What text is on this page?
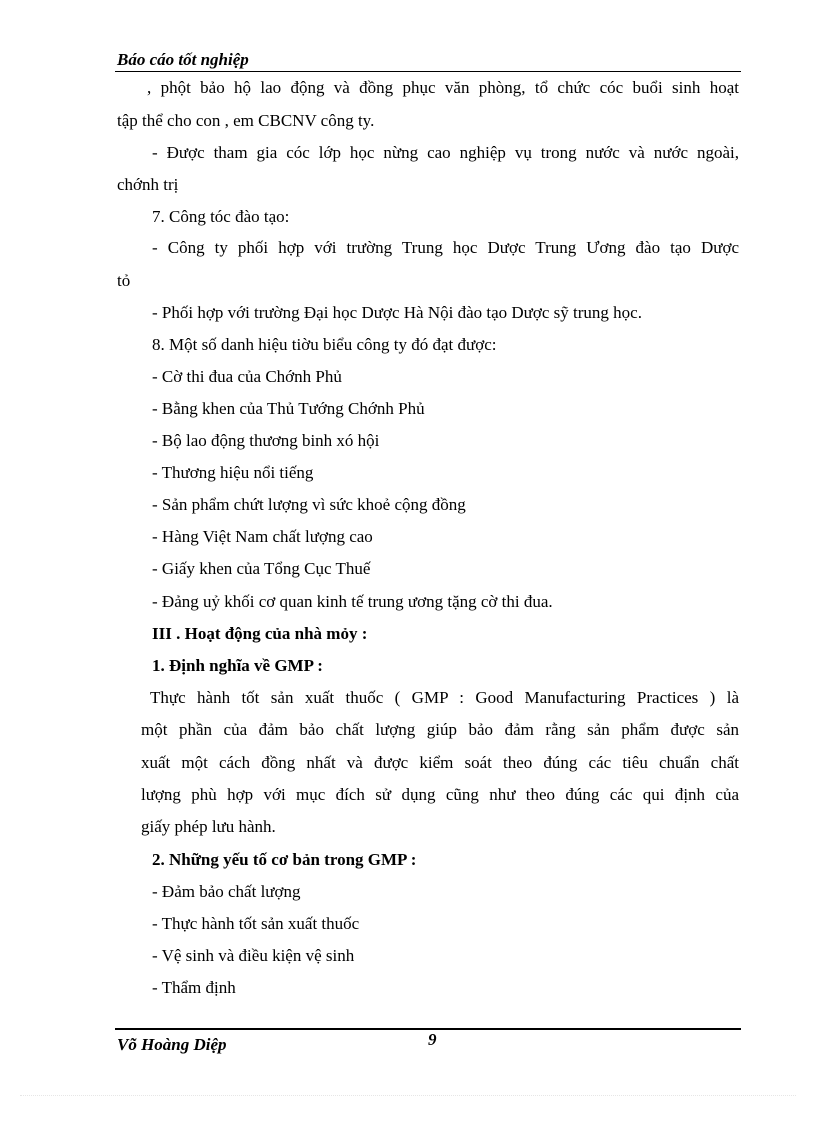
Báo cáo tốt nghiệp
, phột bảo hộ lao động và đồng phục văn phòng, tổ chức cóc buổi sinh hoạt
tập thể cho con , em CBCNV công ty.
- Được tham gia cóc lớp học nừng cao nghiệp vụ trong nước và nước ngoài,
chớnh trị
7. Công tóc đào tạo:
- Công ty phối hợp với trường Trung học Dược Trung Ương đào tạo Dược
tỏ
- Phối hợp với trường Đại học Dược Hà Nội đào tạo Dược sỹ trung học.
8. Một số danh hiệu tiờu biểu công ty đó đạt được:
- Cờ thi đua của Chớnh Phủ
- Bằng khen của Thủ Tướng Chớnh Phủ
- Bộ lao động thương binh xó hội
- Thương hiệu nổi tiếng
- Sản phẩm chứt lượng vì sức khoẻ cộng đồng
- Hàng Việt Nam chất lượng cao
- Giấy khen của Tổng Cục Thuế
- Đảng uỷ khối cơ quan kinh tế trung ương tặng cờ thi đua.
III . Hoạt động của nhà mỏy :
1. Định nghĩa về GMP :
Thực hành tốt sản xuất thuốc ( GMP : Good Manufacturing Practices ) là
một phần của đảm bảo chất lượng giúp bảo đảm rằng sản phẩm được sản
xuất một cách đồng nhất và được kiểm soát theo đúng các tiêu chuẩn chất
lượng phù hợp với mục đích sử dụng cũng như theo đúng các qui định của
giấy phép lưu hành.
2. Những yếu tố cơ bản trong GMP :
- Đảm bảo chất lượng
- Thực hành tốt sản xuất thuốc
- Vệ sinh và điều kiện vệ sinh
- Thẩm định
Võ Hoàng Diệp	9
